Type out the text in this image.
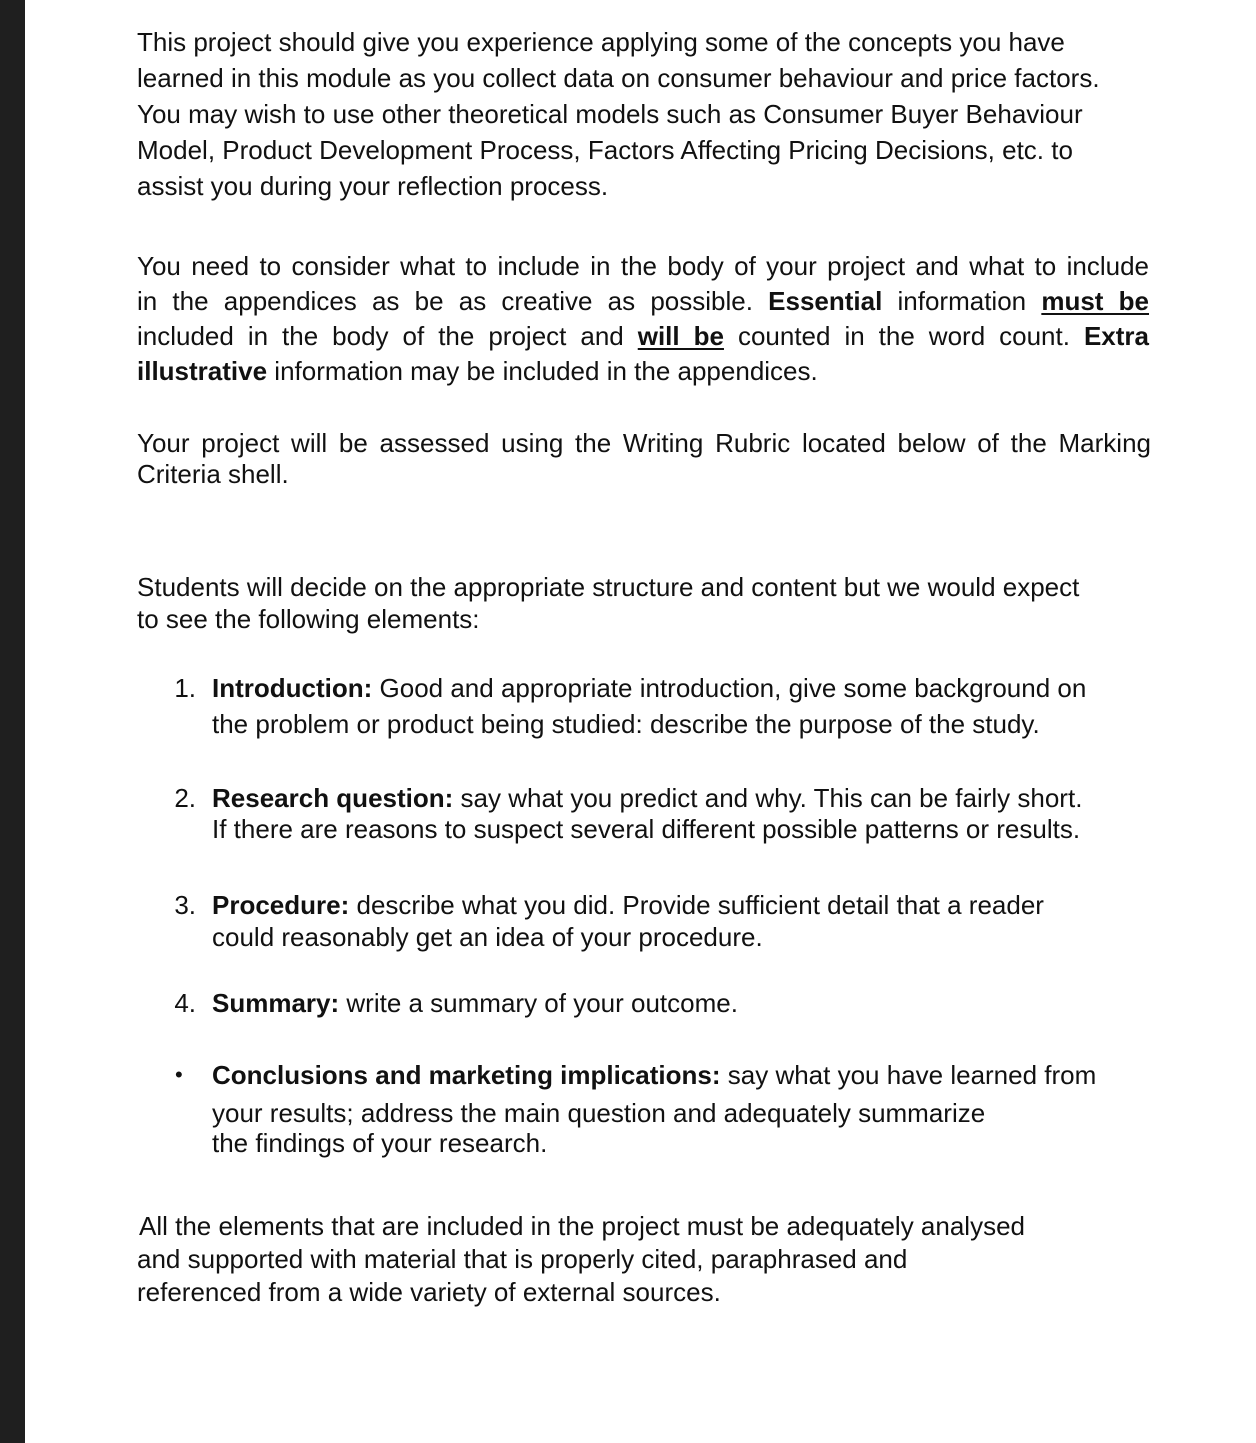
This project should give you experience applying some of the concepts you have
learned in this module as you collect data on consumer behaviour and price factors.
You may wish to use other theoretical models such as Consumer Buyer Behaviour
Model, Product Development Process, Factors Affecting Pricing Decisions, etc. to
assist you during your reflection process.

You need to consider what to include in the body of your project and what to include
in the appendices as be as creative as possible. Essential information must be
included in the body of the project and will be counted in the word count. Extra
illustrative information may be included in the appendices.

Your project will be assessed using the Writing Rubric located below of the Marking
Criteria shell.

Students will decide on the appropriate structure and content but we would expect
to see the following elements:

1. Introduction: Good and appropriate introduction, give some background on
the problem or product being studied: describe the purpose of the study.
2. Research question: say what you predict and why. This can be fairly short.
If there are reasons to suspect several different possible patterns or results.
3. Procedure: describe what you did. Provide sufficient detail that a reader
could reasonably get an idea of your procedure.
4. Summary: write a summary of your outcome.
• Conclusions and marketing implications: say what you have learned from
your results; address the main question and adequately summarize
the findings of your research.

All the elements that are included in the project must be adequately analysed
and supported with material that is properly cited, paraphrased and
referenced from a wide variety of external sources.
